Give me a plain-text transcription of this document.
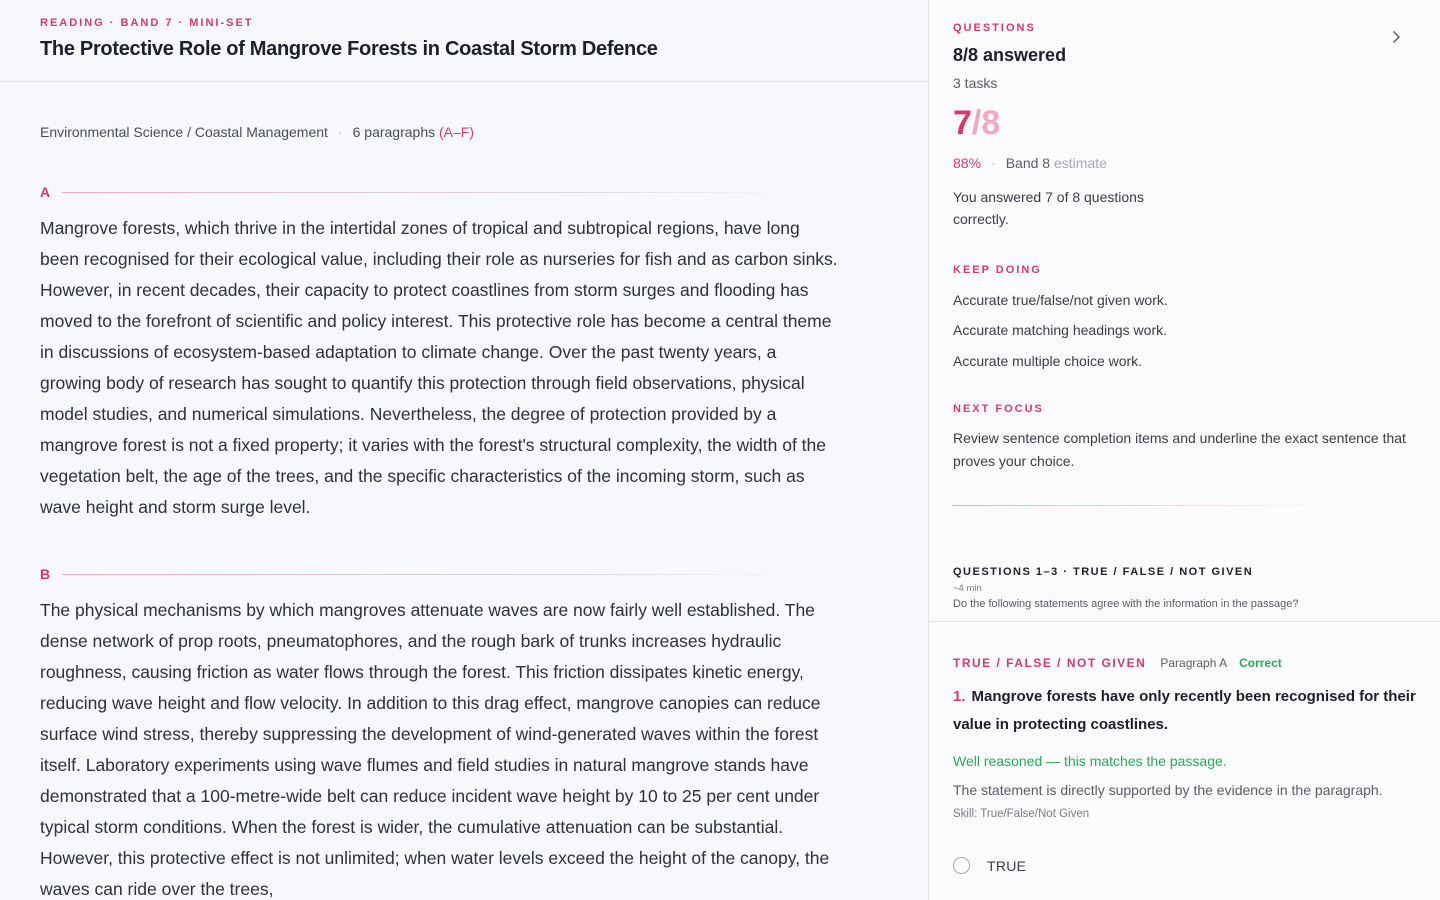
READING · BAND 7 · MINI-SET
The Protective Role of Mangrove Forests in Coastal Storm Defence
Environmental Science / Coastal Management · 6 paragraphs (A–F)
A
Mangrove forests, which thrive in the intertidal zones of tropical and subtropical regions, have long been recognised for their ecological value, including their role as nurseries for fish and as carbon sinks. However, in recent decades, their capacity to protect coastlines from storm surges and flooding has moved to the forefront of scientific and policy interest. This protective role has become a central theme in discussions of ecosystem-based adaptation to climate change. Over the past twenty years, a growing body of research has sought to quantify this protection through field observations, physical model studies, and numerical simulations. Nevertheless, the degree of protection provided by a mangrove forest is not a fixed property; it varies with the forest's structural complexity, the width of the vegetation belt, the age of the trees, and the specific characteristics of the incoming storm, such as wave height and storm surge level.
B
The physical mechanisms by which mangroves attenuate waves are now fairly well established. The dense network of prop roots, pneumatophores, and the rough bark of trunks increases hydraulic roughness, causing friction as water flows through the forest. This friction dissipates kinetic energy, reducing wave height and flow velocity. In addition to this drag effect, mangrove canopies can reduce surface wind stress, thereby suppressing the development of wind-generated waves within the forest itself. Laboratory experiments using wave flumes and field studies in natural mangrove stands have demonstrated that a 100-metre-wide belt can reduce incident wave height by 10 to 25 per cent under typical storm conditions. When the forest is wider, the cumulative attenuation can be substantial. However, this protective effect is not unlimited; when water levels exceed the height of the canopy, the waves can ride over the trees,
QUESTIONS
8/8 answered
3 tasks
7/8
88% · Band 8 estimate
You answered 7 of 8 questions correctly.
KEEP DOING
Accurate true/false/not given work.
Accurate matching headings work.
Accurate multiple choice work.
NEXT FOCUS
Review sentence completion items and underline the exact sentence that proves your choice.
QUESTIONS 1–3 · TRUE / FALSE / NOT GIVEN
~4 min
Do the following statements agree with the information in the passage?
TRUE / FALSE / NOT GIVEN Paragraph A Correct
1. Mangrove forests have only recently been recognised for their value in protecting coastlines.
Well reasoned — this matches the passage.
The statement is directly supported by the evidence in the paragraph.
Skill: True/False/Not Given
TRUE
